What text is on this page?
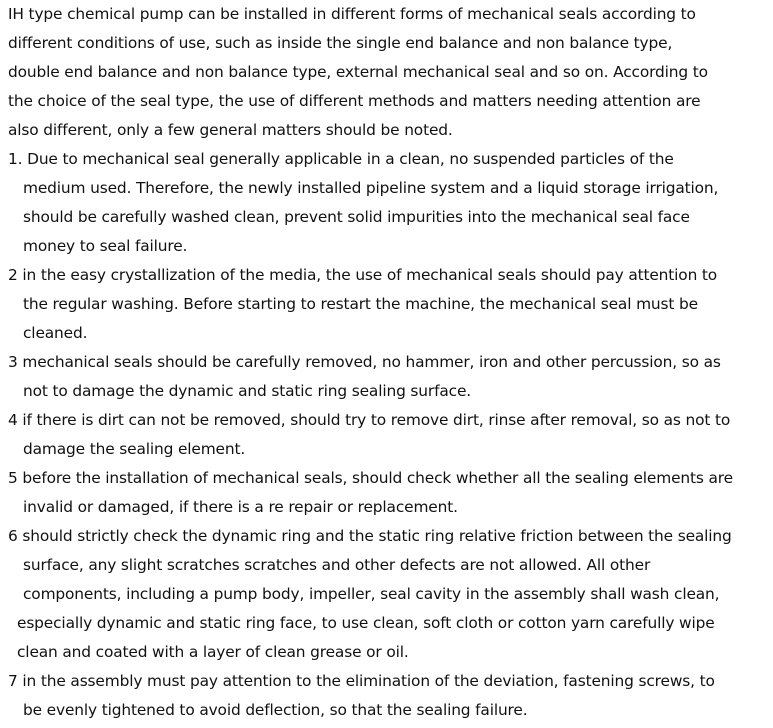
IH type chemical pump can be installed in different forms of mechanical seals according to
different conditions of use, such as inside the single end balance and non balance type,
double end balance and non balance type, external mechanical seal and so on. According to
the choice of the seal type, the use of different methods and matters needing attention are
also different, only a few general matters should be noted.
1. Due to mechanical seal generally applicable in a clean, no suspended particles of the
medium used. Therefore, the newly installed pipeline system and a liquid storage irrigation,
should be carefully washed clean, prevent solid impurities into the mechanical seal face
money to seal failure.
2 in the easy crystallization of the media, the use of mechanical seals should pay attention to
the regular washing. Before starting to restart the machine, the mechanical seal must be
cleaned.
3 mechanical seals should be carefully removed, no hammer, iron and other percussion, so as
not to damage the dynamic and static ring sealing surface.
4 if there is dirt can not be removed, should try to remove dirt, rinse after removal, so as not to
damage the sealing element.
5 before the installation of mechanical seals, should check whether all the sealing elements are
invalid or damaged, if there is a re repair or replacement.
6 should strictly check the dynamic ring and the static ring relative friction between the sealing
surface, any slight scratches scratches and other defects are not allowed. All other
components, including a pump body, impeller, seal cavity in the assembly shall wash clean,
especially dynamic and static ring face, to use clean, soft cloth or cotton yarn carefully wipe
clean and coated with a layer of clean grease or oil.
7 in the assembly must pay attention to the elimination of the deviation, fastening screws, to
be evenly tightened to avoid deflection, so that the sealing failure.
